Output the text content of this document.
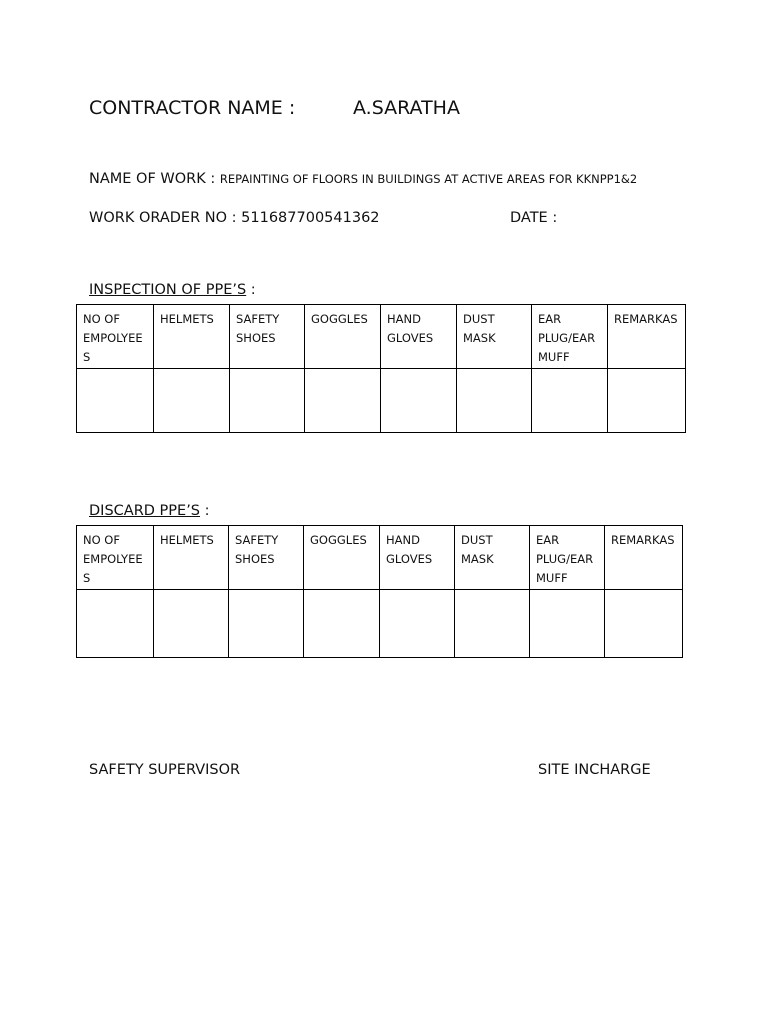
CONTRACTOR NAME :	A.SARATHA
NAME OF WORK : REPAINTING OF FLOORS IN BUILDINGS AT ACTIVE AREAS FOR KKNPP1&2
WORK ORADER NO : 511687700541362	DATE :
INSPECTION OF PPE’S :
NO OF EMPOLYEES	HELMETS	SAFETY SHOES	GOGGLES	HAND GLOVES	DUST MASK	EAR PLUG/EAR MUFF	REMARKAS

DISCARD PPE’S :
NO OF EMPOLYEES	HELMETS	SAFETY SHOES	GOGGLES	HAND GLOVES	DUST MASK	EAR PLUG/EAR MUFF	REMARKAS

SAFETY SUPERVISOR	SITE INCHARGE
